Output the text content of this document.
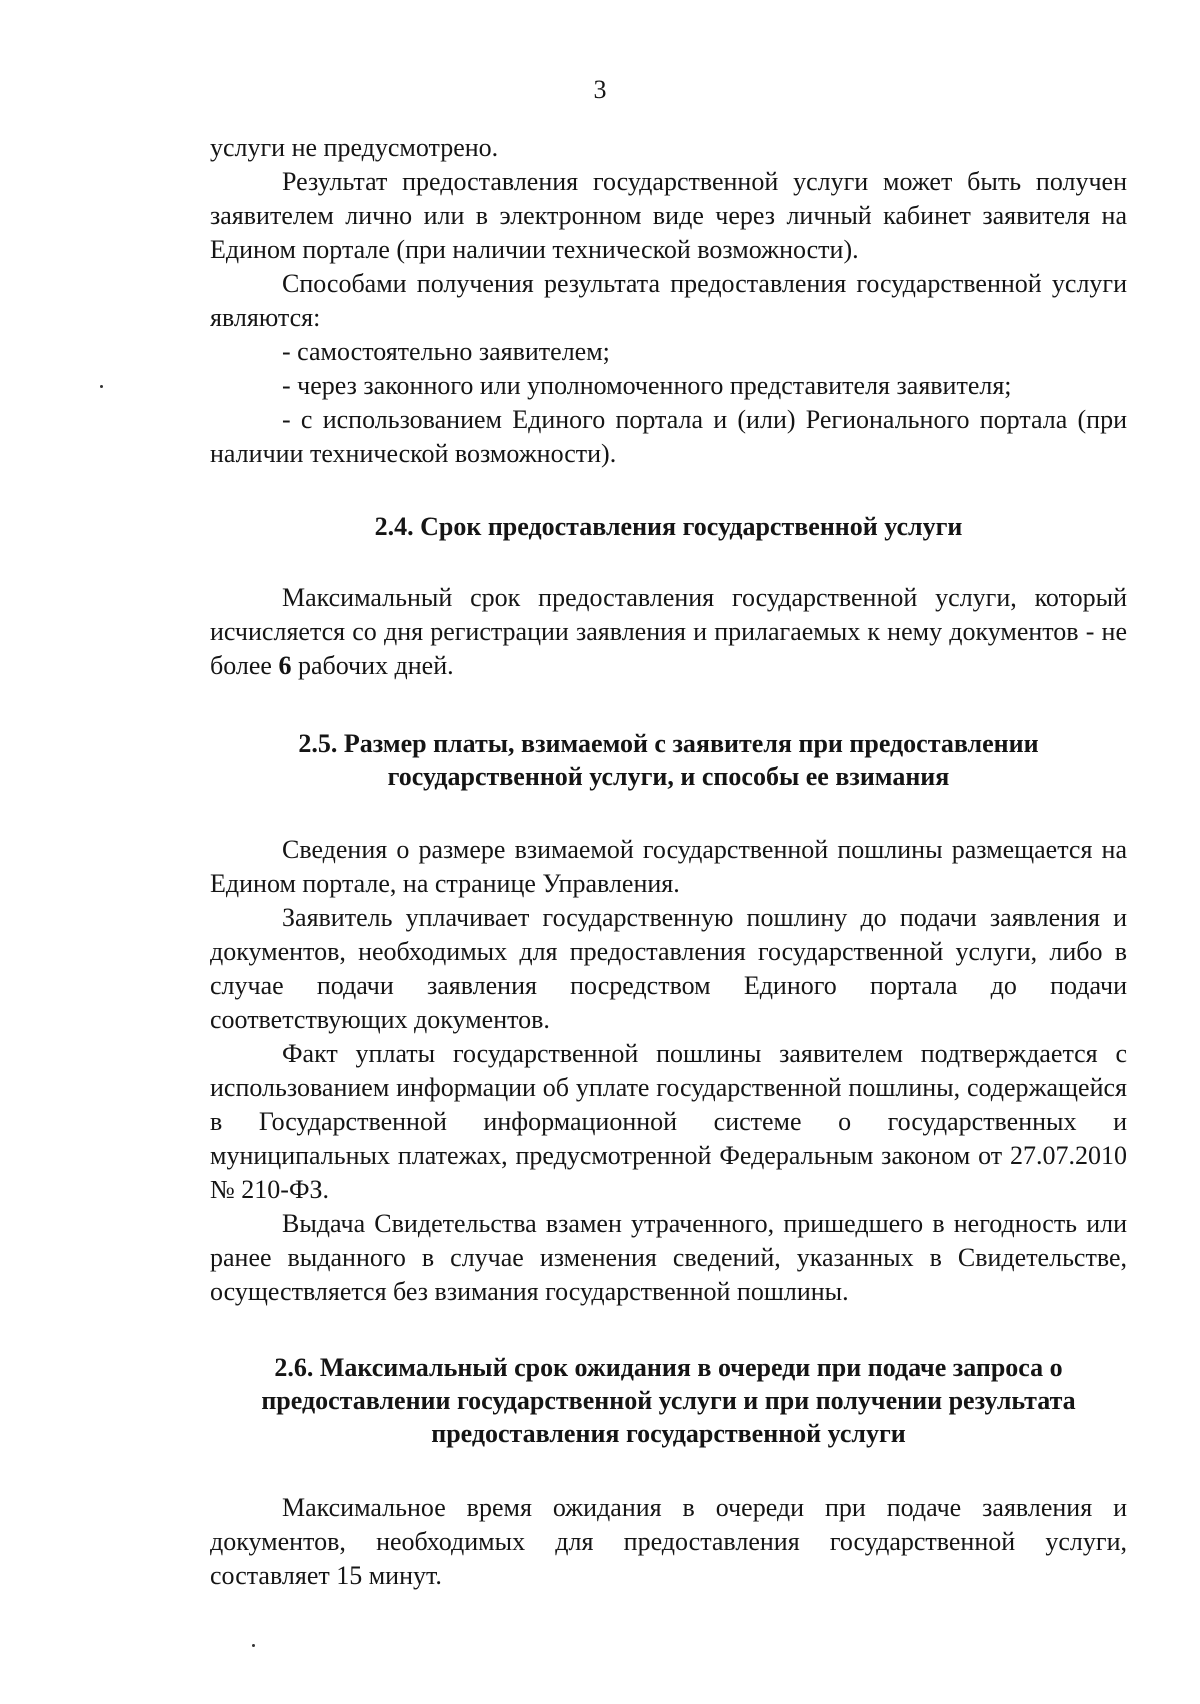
3

услуги не предусмотрено.

Результат предоставления государственной услуги может быть получен заявителем лично или в электронном виде через личный кабинет заявителя на Едином портале (при наличии технической возможности).

Способами получения результата предоставления государственной услуги являются:

- самостоятельно заявителем;

- через законного или уполномоченного представителя заявителя;

- с использованием Единого портала и (или) Регионального портала (при наличии технической возможности).

2.4. Срок предоставления государственной услуги

Максимальный срок предоставления государственной услуги, который исчисляется со дня регистрации заявления и прилагаемых к нему документов - не более 6 рабочих дней.

2.5. Размер платы, взимаемой с заявителя при предоставлении
государственной услуги, и способы ее взимания

Сведения о размере взимаемой государственной пошлины размещается на Едином портале, на странице Управления.

Заявитель уплачивает государственную пошлину до подачи заявления и документов, необходимых для предоставления государственной услуги, либо в случае подачи заявления посредством Единого портала до подачи соответствующих документов.

Факт уплаты государственной пошлины заявителем подтверждается с использованием информации об уплате государственной пошлины, содержащейся в Государственной информационной системе о государственных и муниципальных платежах, предусмотренной Федеральным законом от 27.07.2010 № 210-ФЗ.

Выдача Свидетельства взамен утраченного, пришедшего в негодность или ранее выданного в случае изменения сведений, указанных в Свидетельстве, осуществляется без взимания государственной пошлины.

2.6. Максимальный срок ожидания в очереди при подаче запроса о
предоставлении государственной услуги и при получении результата
предоставления государственной услуги

Максимальное время ожидания в очереди при подаче заявления и документов, необходимых для предоставления государственной услуги, составляет 15 минут.
